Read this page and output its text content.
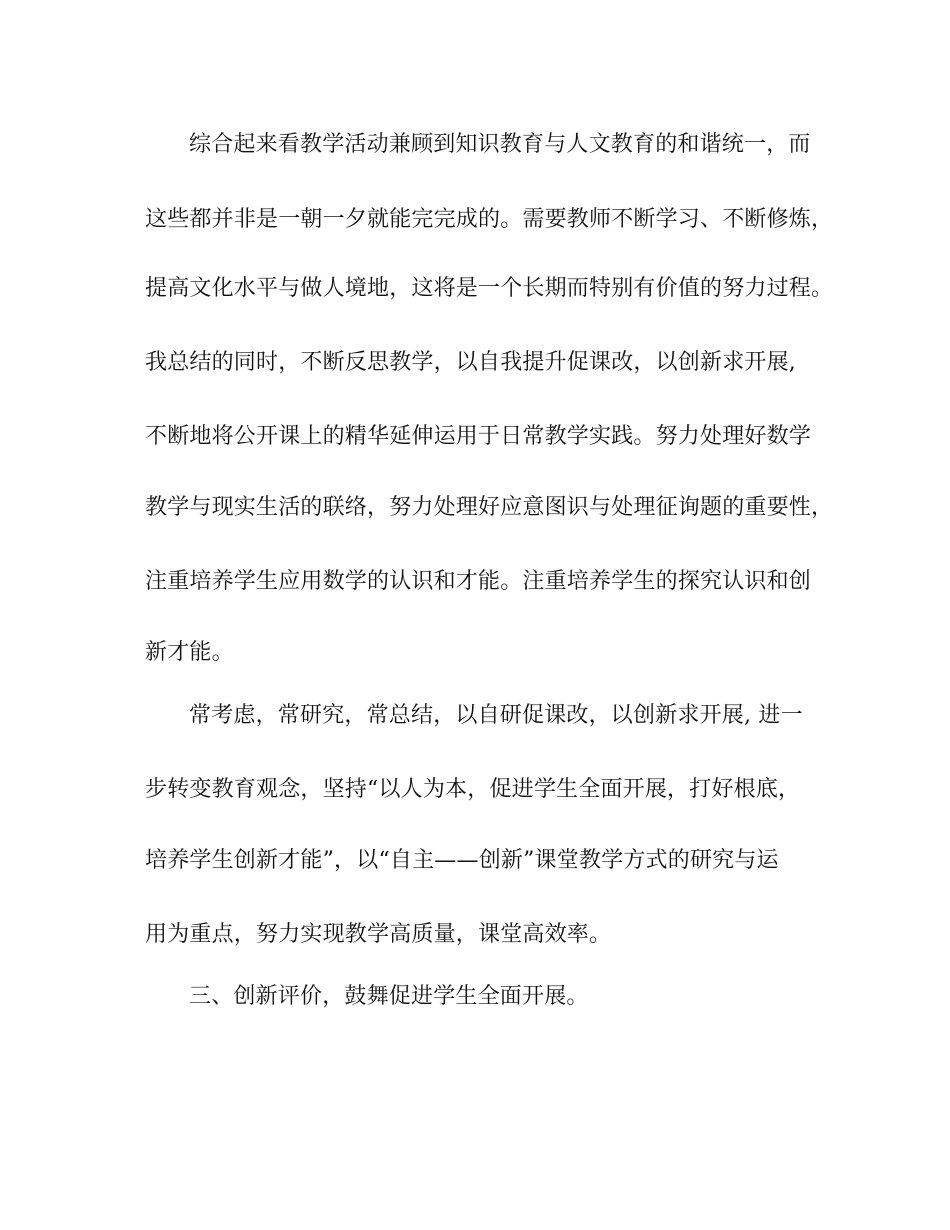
综合起来看教学活动兼顾到知识教育与人文教育的和谐统一，而
这些都并非是一朝一夕就能完完成的。需要教师不断学习、不断修炼，
提高文化水平与做人境地，这将是一个长期而特别有价值的努力过程。
我总结的同时，不断反思教学，以自我提升促课改，以创新求开展,
不断地将公开课上的精华延伸运用于日常教学实践。努力处理好数学
教学与现实生活的联络，努力处理好应意图识与处理征询题的重要性，
注重培养学生应用数学的认识和才能。注重培养学生的探究认识和创
新才能。
常考虑，常研究，常总结，以自研促课改，以创新求开展, 进一
步转变教育观念，坚持“以人为本，促进学生全面开展，打好根底，
培养学生创新才能”，以“自主——创新”课堂教学方式的研究与运
用为重点，努力实现教学高质量，课堂高效率。
三、创新评价，鼓舞促进学生全面开展。
